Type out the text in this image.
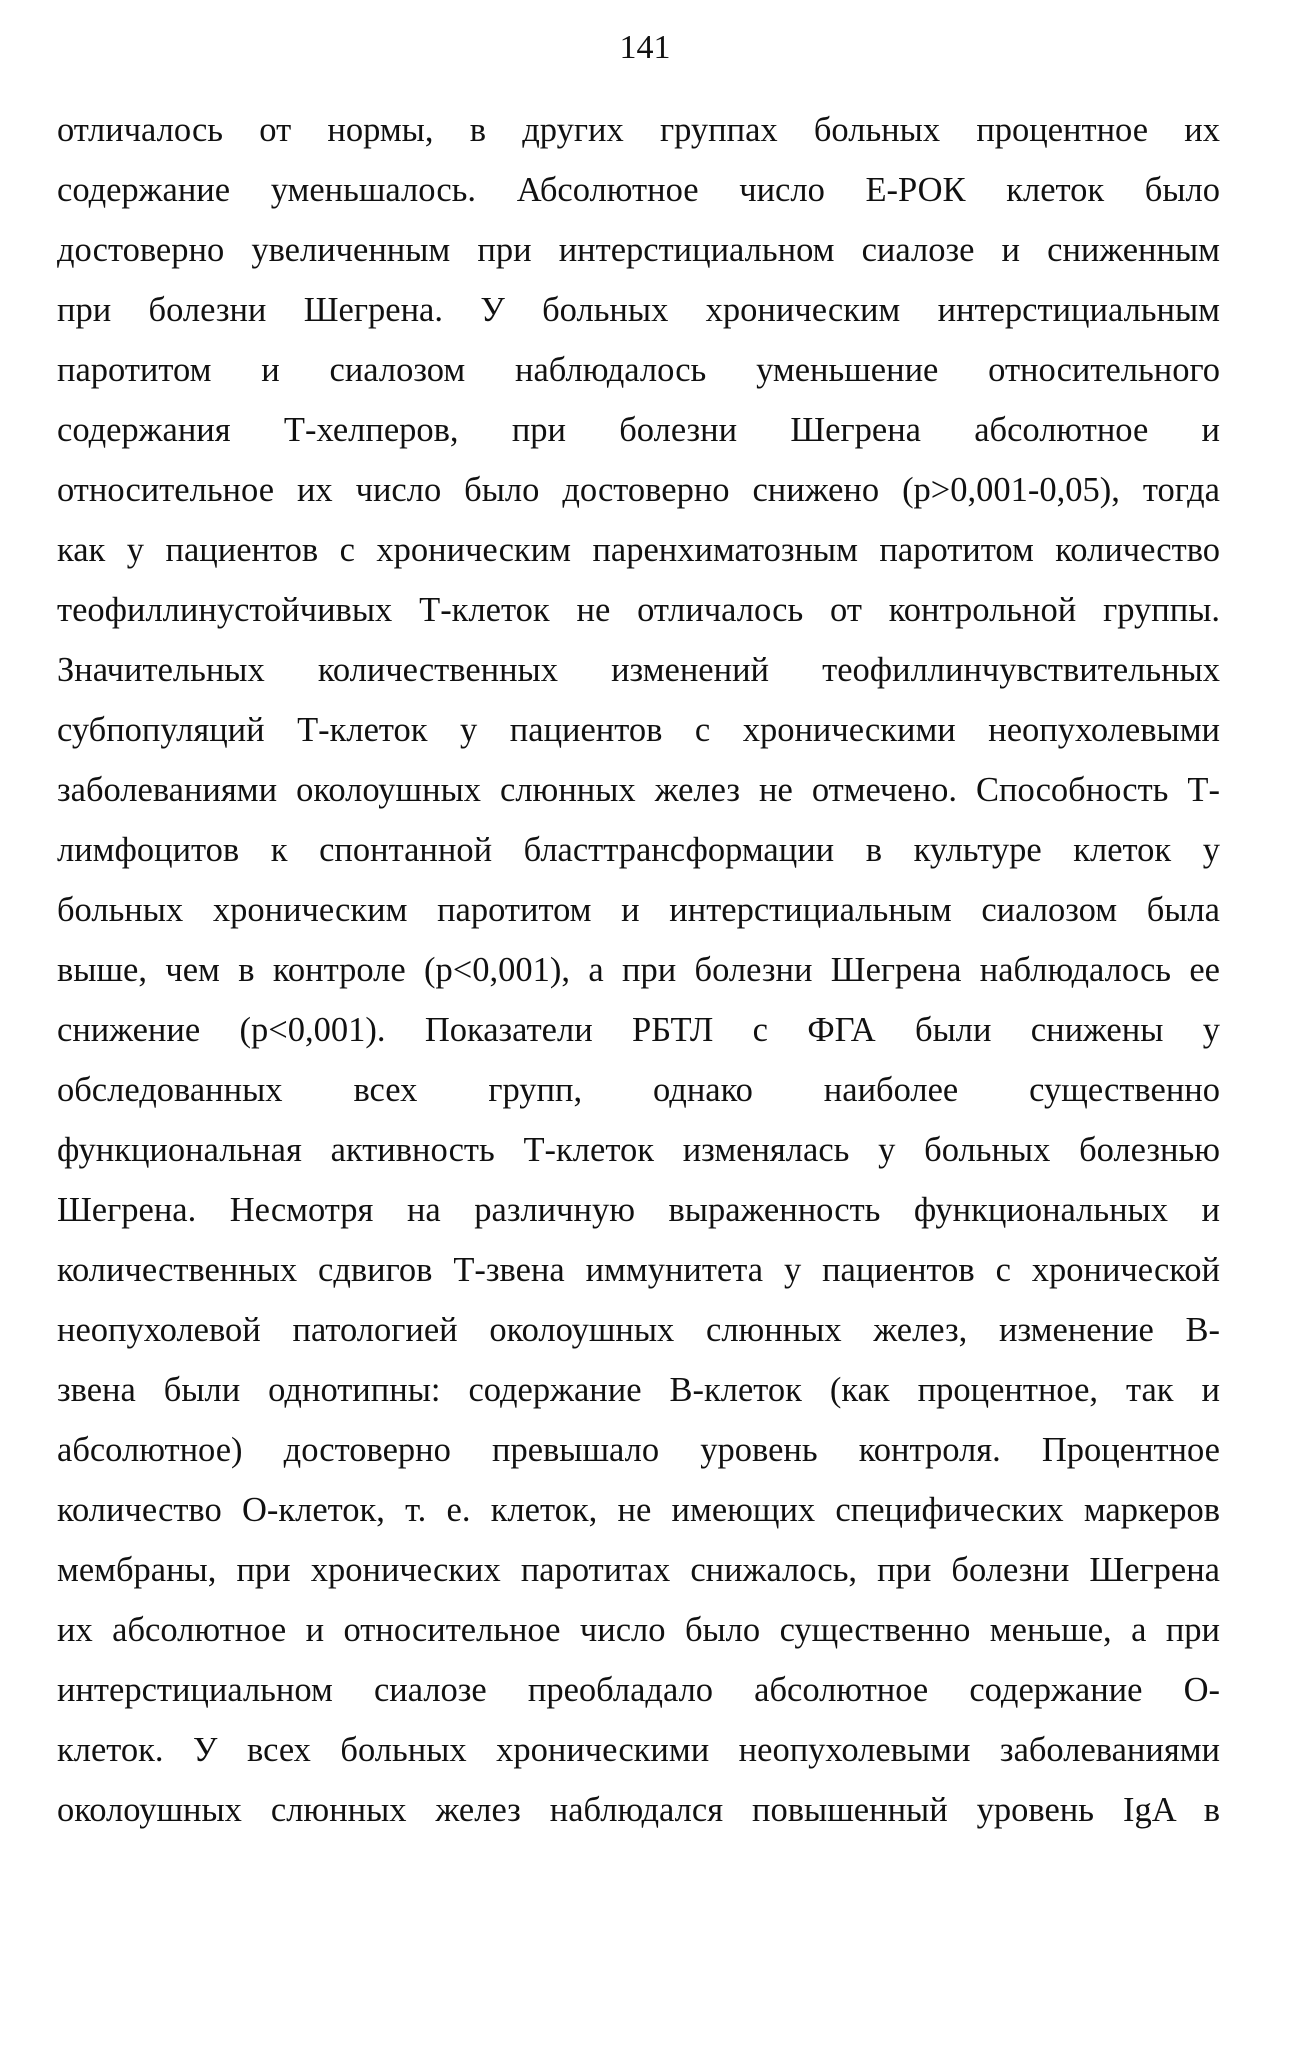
141
отличалось от нормы, в других группах больных процентное их
содержание уменьшалось. Абсолютное число Е-РОК клеток было
достоверно увеличенным при интерстициальном сиалозе и сниженным
при болезни Шегрена. У больных хроническим интерстициальным
паротитом и сиалозом наблюдалось уменьшение относительного
содержания Т-хелперов, при болезни Шегрена абсолютное и
относительное их число было достоверно снижено (p>0,001-0,05), тогда
как у пациентов с хроническим паренхиматозным паротитом количество
теофиллинустойчивых Т-клеток не отличалось от контрольной группы.
Значительных количественных изменений теофиллинчувствительных
субпопуляций Т-клеток у пациентов с хроническими неопухолевыми
заболеваниями околоушных слюнных желез не отмечено. Способность Т-
лимфоцитов к спонтанной бласттрансформации в культуре клеток у
больных хроническим паротитом и интерстициальным сиалозом была
выше, чем в контроле (p<0,001), а при болезни Шегрена наблюдалось ее
снижение (p<0,001). Показатели РБТЛ с ФГА были снижены у
обследованных всех групп, однако наиболее существенно
функциональная активность Т-клеток изменялась у больных болезнью
Шегрена. Несмотря на различную выраженность функциональных и
количественных сдвигов Т-звена иммунитета у пациентов с хронической
неопухолевой патологией околоушных слюнных желез, изменение В-
звена были однотипны: содержание В-клеток (как процентное, так и
абсолютное) достоверно превышало уровень контроля. Процентное
количество О-клеток, т. е. клеток, не имеющих специфических маркеров
мембраны, при хронических паротитах снижалось, при болезни Шегрена
их абсолютное и относительное число было существенно меньше, а при
интерстициальном сиалозе преобладало абсолютное содержание О-
клеток. У всех больных хроническими неопухолевыми заболеваниями
околоушных слюнных желез наблюдался повышенный уровень IgA в
